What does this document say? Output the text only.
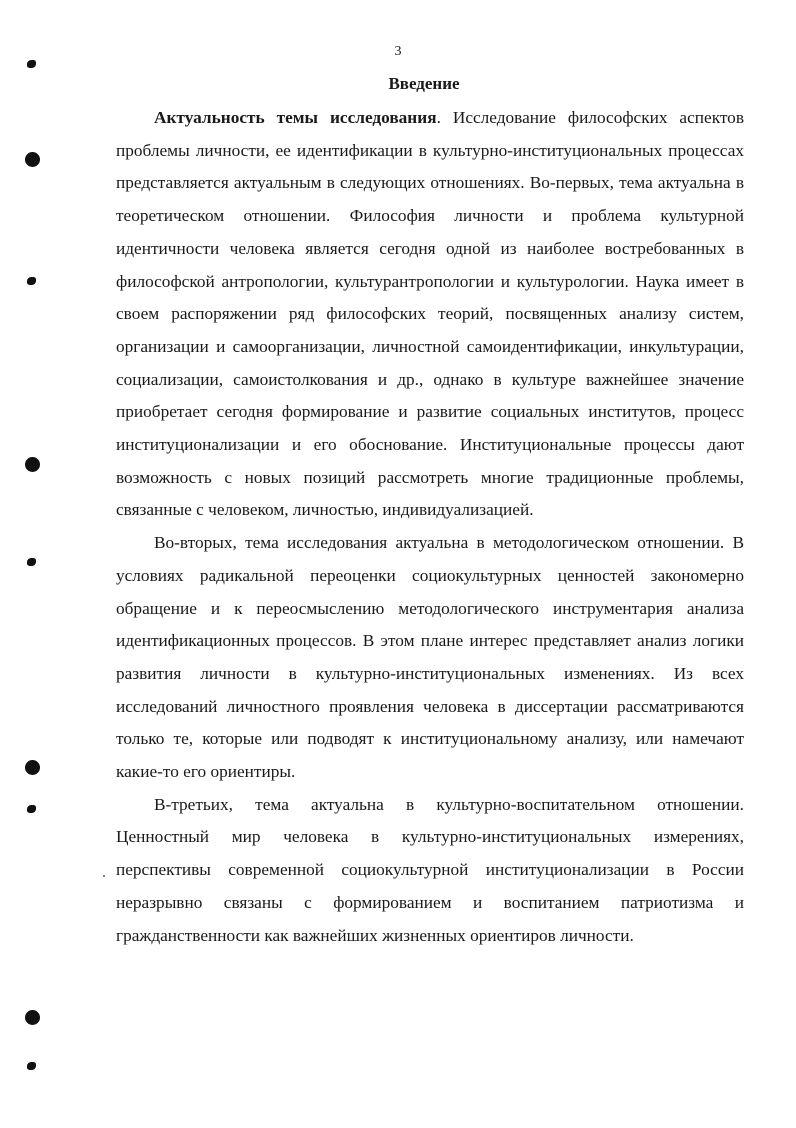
3
Введение

Актуальность темы исследования. Исследование философских аспектов проблемы личности, ее идентификации в культурно-институциональных процессах представляется актуальным в следующих отношениях. Во-первых, тема актуальна в теоретическом отношении. Философия личности и проблема культурной идентичности человека является сегодня одной из наиболее востребованных в философской антропологии, культурантропологии и культурологии. Наука имеет в своем распоряжении ряд философских теорий, посвященных анализу систем, организации и самоорганизации, личностной самоидентификации, инкультурации, социализации, самоистолкования и др., однако в культуре важнейшее значение приобретает сегодня формирование и развитие социальных институтов, процесс институционализации и его обоснование. Институциональные процессы дают возможность с новых позиций рассмотреть многие традиционные проблемы, связанные с человеком, личностью, индивидуализацией.

Во-вторых, тема исследования актуальна в методологическом отношении. В условиях радикальной переоценки социокультурных ценностей закономерно обращение и к переосмыслению методологического инструментария анализа идентификационных процессов. В этом плане интерес представляет анализ логики развития личности в культурно-институциональных изменениях. Из всех исследований личностного проявления человека в диссертации рассматриваются только те, которые или подводят к институциональному анализу, или намечают какие-то его ориентиры.

В-третьих, тема актуальна в культурно-воспитательном отношении. Ценностный мир человека в культурно-институциональных измерениях, перспективы современной социокультурной институционализации в России неразрывно связаны с формированием и воспитанием патриотизма и гражданственности как важнейших жизненных ориентиров личности.
